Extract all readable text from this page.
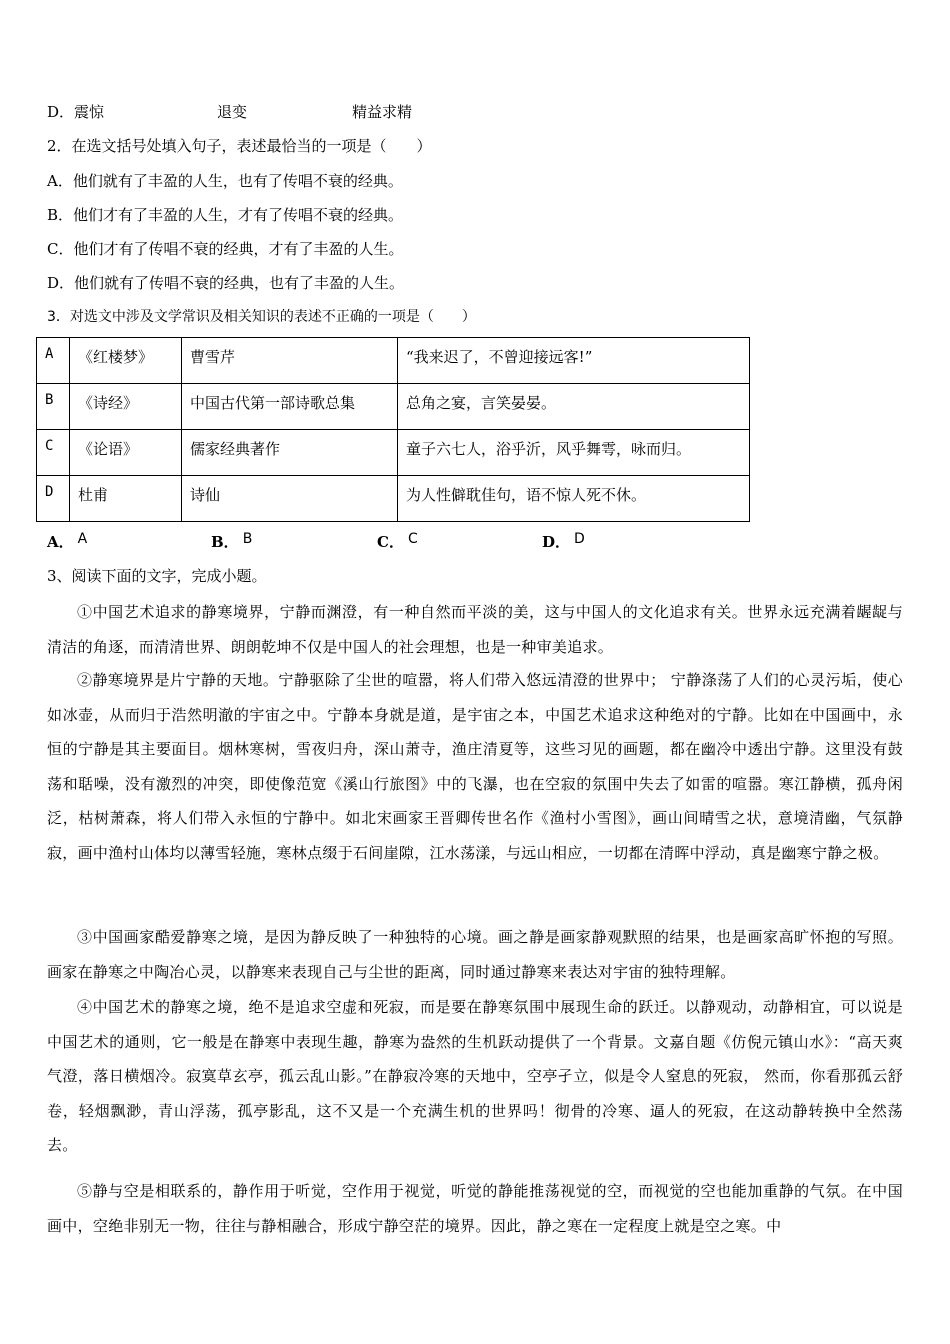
D．震惊	退变	精益求精
2．在选文括号处填入句子，表述最恰当的一项是（　　）
A．他们就有了丰盈的人生，也有了传唱不衰的经典。
B．他们才有了丰盈的人生，才有了传唱不衰的经典。
C．他们才有了传唱不衰的经典，才有了丰盈的人生。
D．他们就有了传唱不衰的经典，也有了丰盈的人生。
3．对选文中涉及文学常识及相关知识的表述不正确的一项是（　　）
A	《红楼梦》	曹雪芹	“我来迟了，不曾迎接远客!”
B	《诗经》	中国古代第一部诗歌总集	总角之宴，言笑晏晏。
C	《论语》	儒家经典著作	童子六七人，浴乎沂，风乎舞雩，咏而归。
D	杜甫	诗仙	为人性僻耽佳句，语不惊人死不休。
A． A	B． B	C． C	D． D
3、阅读下面的文字，完成小题。
①中国艺术追求的静寒境界，宁静而渊澄，有一种自然而平淡的美，这与中国人的文化追求有关。世界永远充满着龌龊与清洁的角逐，而清清世界、朗朗乾坤不仅是中国人的社会理想，也是一种审美追求。
②静寒境界是片宁静的天地。宁静驱除了尘世的喧嚣，将人们带入悠远清澄的世界中； 宁静涤荡了人们的心灵污垢，使心如冰壶，从而归于浩然明澈的宇宙之中。宁静本身就是道，是宇宙之本，中国艺术追求这种绝对的宁静。比如在中国画中，永恒的宁静是其主要面目。烟林寒树，雪夜归舟，深山萧寺，渔庄清夏等，这些习见的画题，都在幽冷中透出宁静。这里没有鼓荡和聒噪，没有激烈的冲突，即使像范宽《溪山行旅图》中的飞瀑，也在空寂的氛围中失去了如雷的喧嚣。寒江静横，孤舟闲泛，枯树萧森，将人们带入永恒的宁静中。如北宋画家王晋卿传世名作《渔村小雪图》，画山间晴雪之状，意境清幽，气氛静寂，画中渔村山体均以薄雪轻施，寒林点缀于石间崖隙，江水荡漾，与远山相应，一切都在清晖中浮动，真是幽寒宁静之极。
③中国画家酷爱静寒之境，是因为静反映了一种独特的心境。画之静是画家静观默照的结果，也是画家高旷怀抱的写照。画家在静寒之中陶冶心灵，以静寒来表现自己与尘世的距离，同时通过静寒来表达对宇宙的独特理解。
④中国艺术的静寒之境，绝不是追求空虚和死寂，而是要在静寒氛围中展现生命的跃迁。以静观动，动静相宜，可以说是中国艺术的通则，它一般是在静寒中表现生趣，静寒为盎然的生机跃动提供了一个背景。文嘉自题《仿倪元镇山水》：“高天爽气澄，落日横烟冷。寂寞草玄亭，孤云乱山影。”在静寂冷寒的天地中，空亭孑立，似是令人窒息的死寂， 然而，你看那孤云舒卷，轻烟飘渺，青山浮荡，孤亭影乱，这不又是一个充满生机的世界吗！彻骨的冷寒、逼人的死寂，在这动静转换中全然荡去。
⑤静与空是相联系的，静作用于听觉，空作用于视觉，听觉的静能推荡视觉的空，而视觉的空也能加重静的气氛。在中国画中，空绝非别无一物，往往与静相融合，形成宁静空茫的境界。因此，静之寒在一定程度上就是空之寒。中
